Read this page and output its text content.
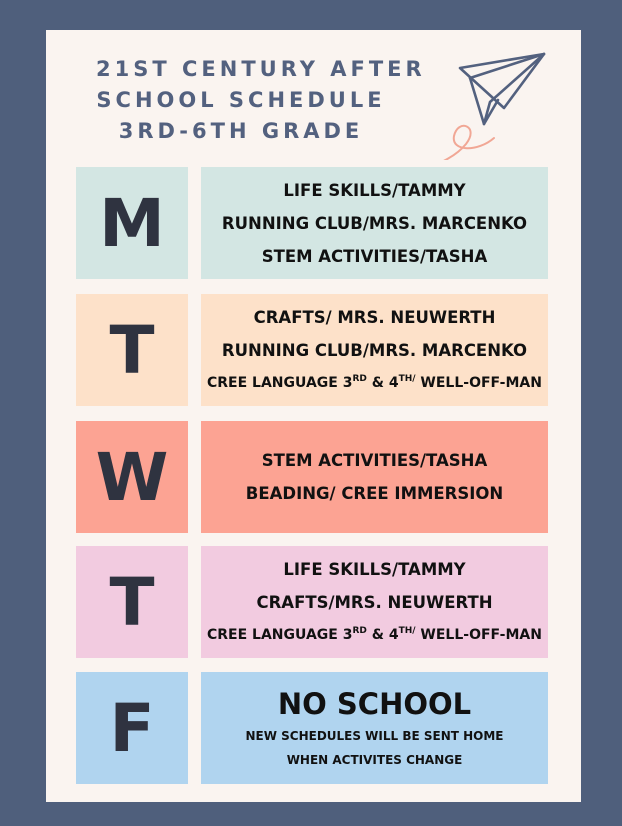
21ST CENTURY AFTER
SCHOOL SCHEDULE
3RD-6TH GRADE
M	LIFE SKILLS/TAMMY
RUNNING CLUB/MRS. MARCENKO
STEM ACTIVITIES/TASHA
T	CRAFTS/ MRS. NEUWERTH
RUNNING CLUB/MRS. MARCENKO
CREE LANGUAGE 3RD & $4^{TH/}$ WELL-OFF-MAN
W	STEM ACTIVITIES/TASHA
BEADING/ CREE IMMERSION
T	LIFE SKILLS/TAMMY
CRAFTS/MRS. NEUWERTH
CREE LANGUAGE 3RD & $4^{TH/}$ WELL-OFF-MAN
F	NO SCHOOL
NEW SCHEDULES WILL BE SENT HOME
WHEN ACTIVITES CHANGE
